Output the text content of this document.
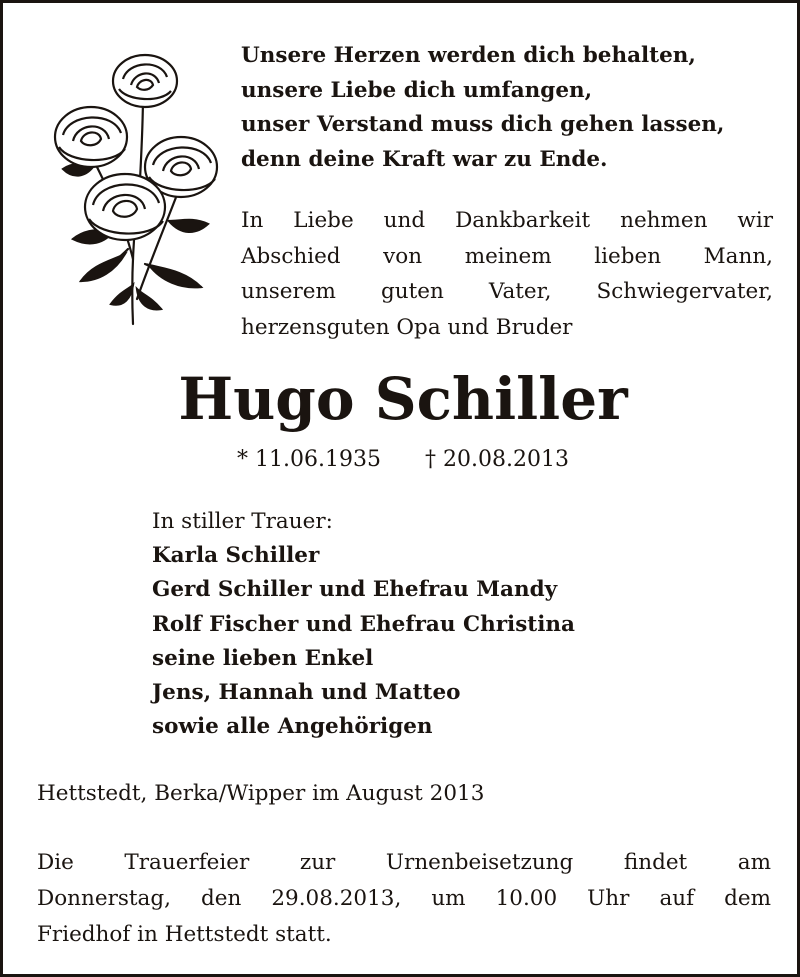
Unsere Herzen werden dich behalten,
unsere Liebe dich umfangen,
unser Verstand muss dich gehen lassen,
denn deine Kraft war zu Ende.
In Liebe und Dankbarkeit nehmen wir
Abschied von meinem lieben Mann,
unserem guten Vater, Schwiegervater,
herzensguten Opa und Bruder
Hugo Schiller
* 11.06.1935 † 20.08.2013
In stiller Trauer:
Karla Schiller
Gerd Schiller und Ehefrau Mandy
Rolf Fischer und Ehefrau Christina
seine lieben Enkel
Jens, Hannah und Matteo
sowie alle Angehörigen
Hettstedt, Berka/Wipper im August 2013
Die Trauerfeier zur Urnenbeisetzung findet am
Donnerstag, den 29.08.2013, um 10.00 Uhr auf dem
Friedhof in Hettstedt statt.
